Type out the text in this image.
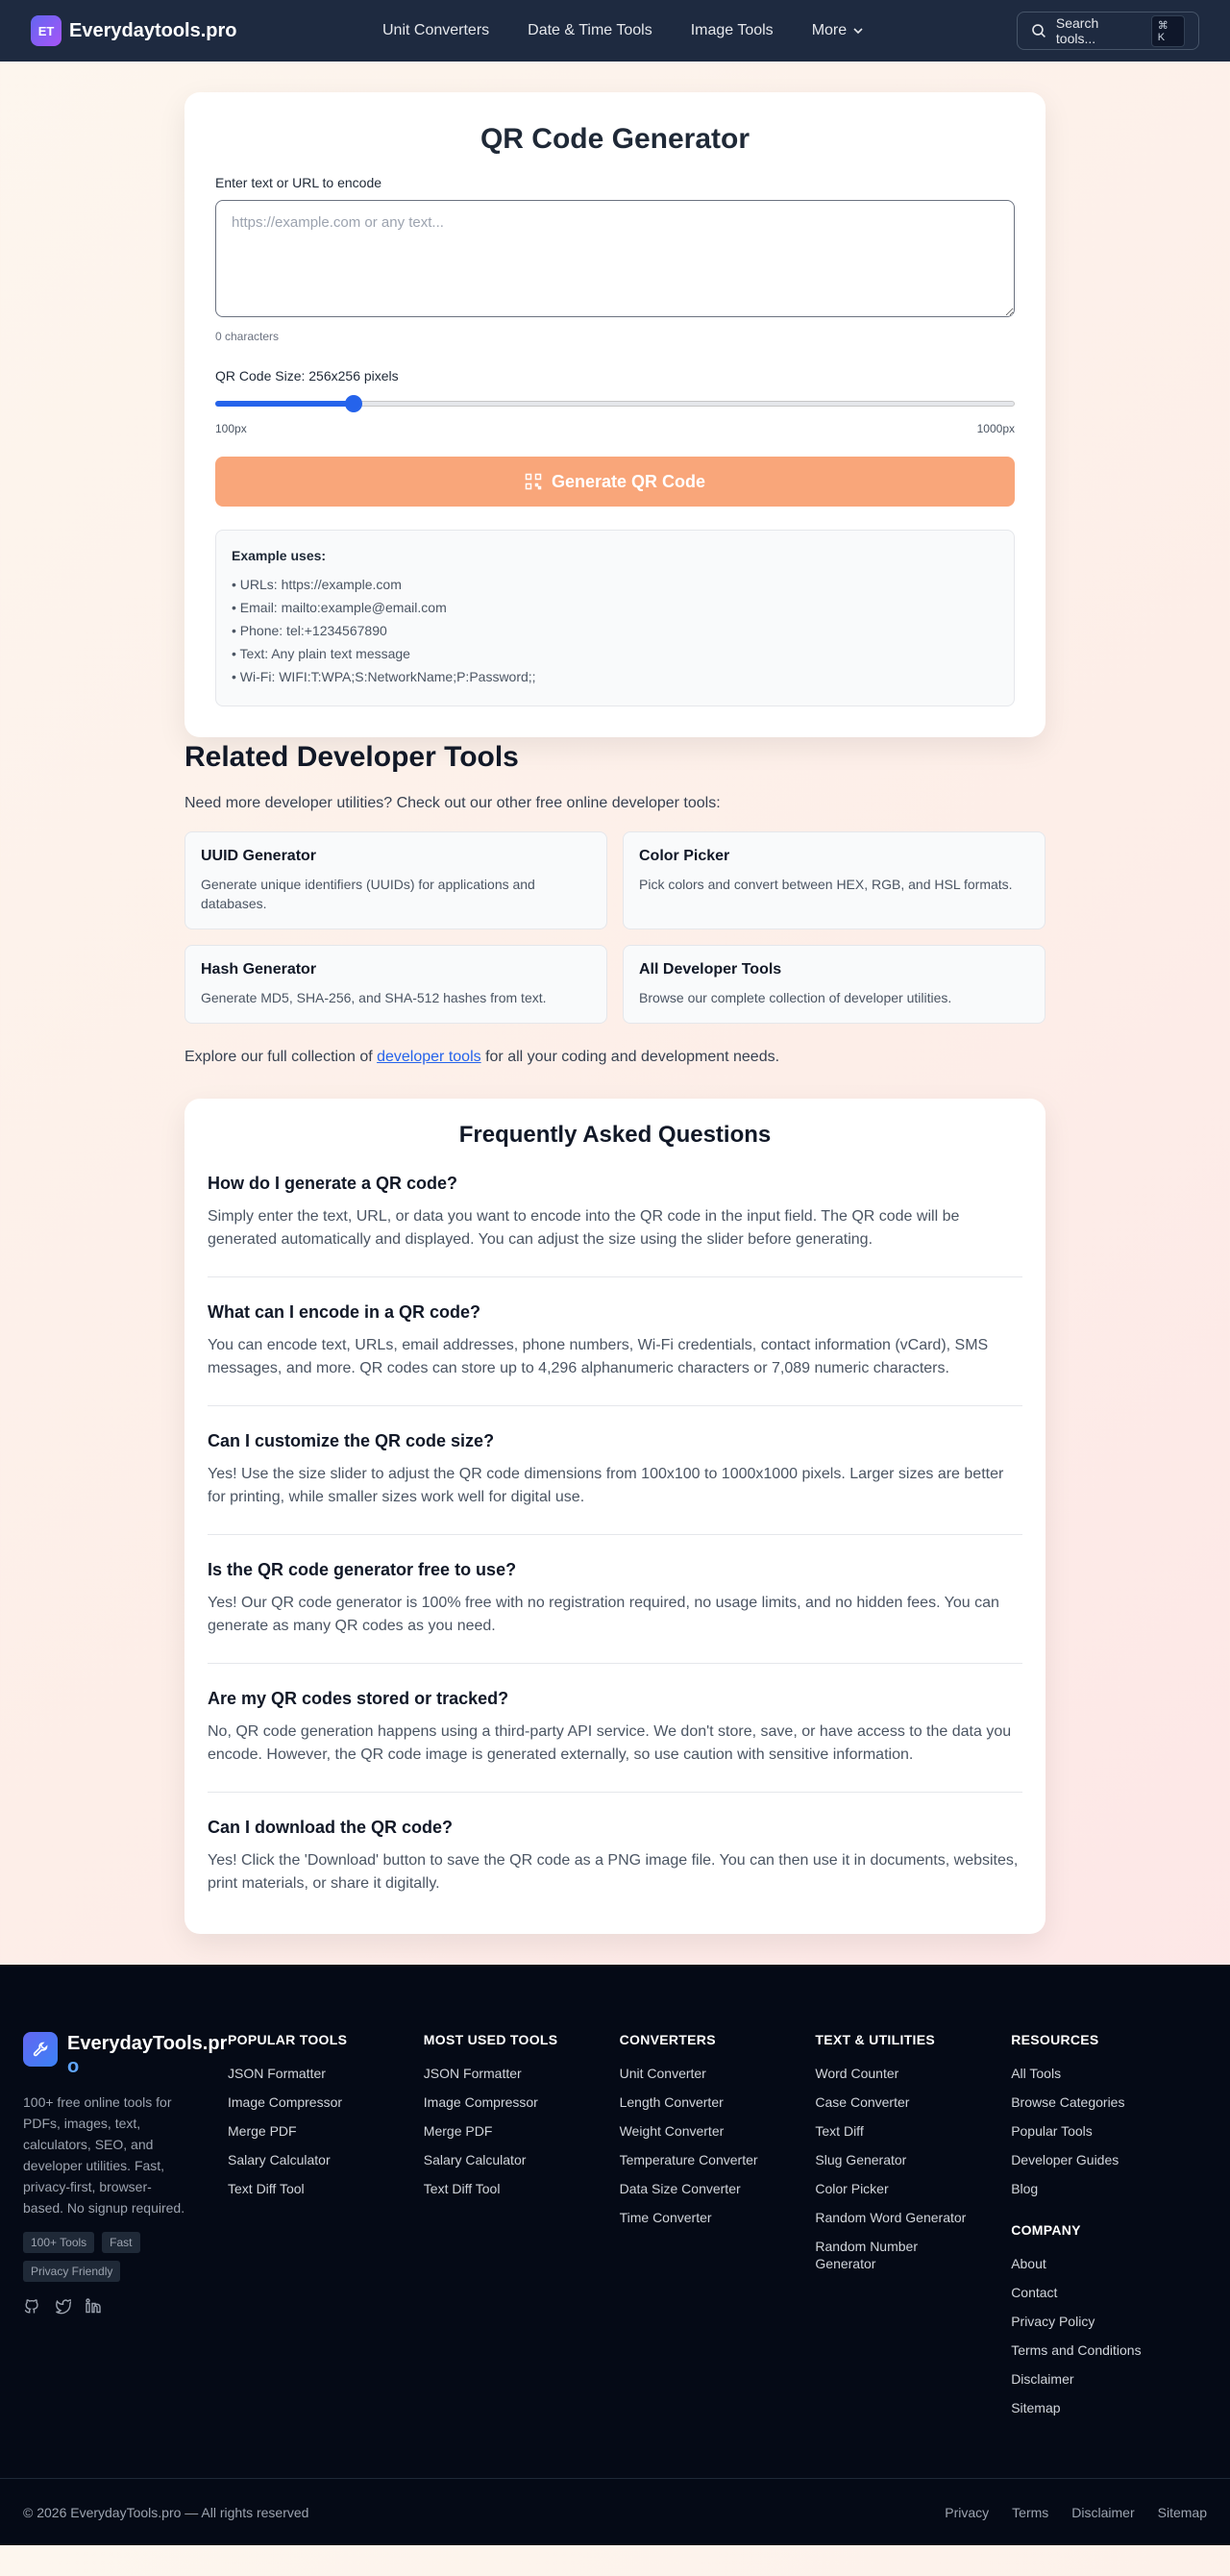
ET Everydaytools.pro	Unit Converters	Date & Time Tools	Image Tools	More	Search tools...
⌘ K
QR Code Generator
Enter text or URL to encode
https://example.com or any text...
0 characters
QR Code Size: 256x256 pixels
100px	1000px
Generate QR Code
Example uses:
• URLs: https://example.com
• Email: mailto:example@email.com
• Phone: tel:+1234567890
• Text: Any plain text message
• Wi-Fi: WIFI:T:WPA;S:NetworkName;P:Password;;
Related Developer Tools

Need more developer utilities? Check out our other free online developer tools:

UUID Generator

Generate unique identifiers (UUIDs) for applications and databases.

Color Picker

Pick colors and convert between HEX, RGB, and HSL formats.

Hash Generator

Generate MD5, SHA-256, and SHA-512 hashes from text.

All Developer Tools

Browse our complete collection of developer utilities.

Explore our full collection of developer tools for all your coding and development needs.

Frequently Asked Questions
How do I generate a QR code?

Simply enter the text, URL, or data you want to encode into the QR code in the input field. The QR code will be generated automatically and displayed. You can adjust the size using the slider before generating.

What can I encode in a QR code?

You can encode text, URLs, email addresses, phone numbers, Wi-Fi credentials, contact information (vCard), SMS messages, and more. QR codes can store up to 4,296 alphanumeric characters or 7,089 numeric characters.

Can I customize the QR code size?

Yes! Use the size slider to adjust the QR code dimensions from 100x100 to 1000x1000 pixels. Larger sizes are better for printing, while smaller sizes work well for digital use.

Is the QR code generator free to use?

Yes! Our QR code generator is 100% free with no registration required, no usage limits, and no hidden fees. You can generate as many QR codes as you need.

Are my QR codes stored or tracked?

No, QR code generation happens using a third-party API service. We don't store, save, or have access to the data you encode. However, the QR code image is generated externally, so use caution with sensitive information.

Can I download the QR code?

Yes! Click the 'Download' button to save the QR code as a PNG image file. You can then use it in documents, websites, print materials, or share it digitally.

EverydayTools.pro

100+ free online tools for PDFs, images, text, calculators, SEO, and developer utilities. Fast, privacy-first, browser-based. No signup required.

100+ Tools	Fast
Privacy Friendly
POPULAR TOOLS
JSON Formatter
Image Compressor
Merge PDF
Salary Calculator
Text Diff Tool
MOST USED TOOLS
JSON Formatter
Image Compressor
Merge PDF
Salary Calculator
Text Diff Tool
CONVERTERS
Unit Converter
Length Converter
Weight Converter
Temperature Converter
Data Size Converter
Time Converter
TEXT & UTILITIES
Word Counter
Case Converter
Text Diff
Slug Generator
Color Picker
Random Word Generator
Random Number Generator
RESOURCES
All Tools
Browse Categories
Popular Tools
Developer Guides
Blog
COMPANY
About
Contact
Privacy Policy
Terms and Conditions
Disclaimer
Sitemap
© 2026 EverydayTools.pro — All rights reserved	Privacy Terms Disclaimer Sitemap
